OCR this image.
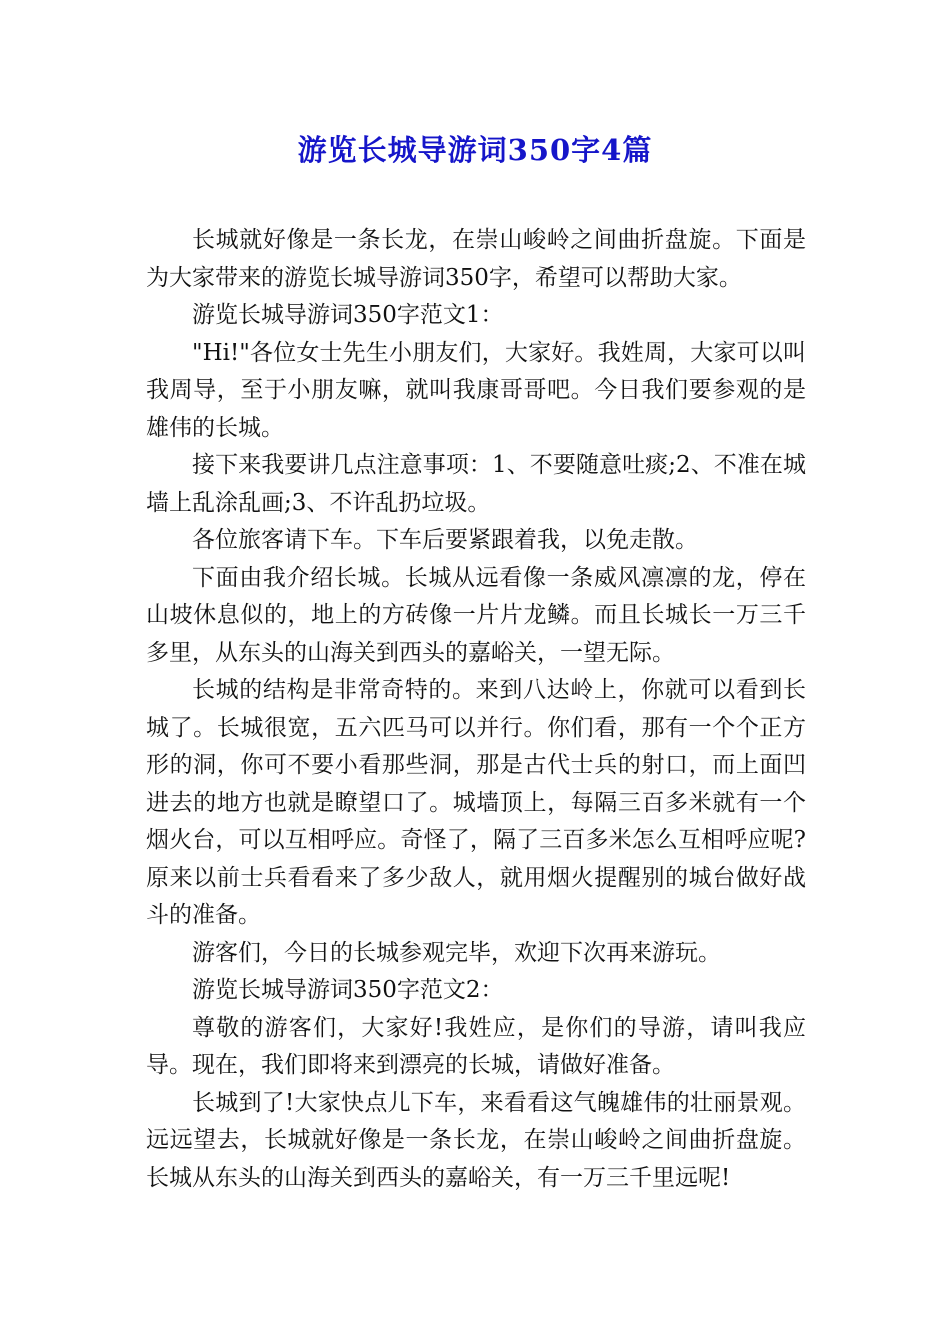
游览长城导游词350字4篇

长城就好像是一条长龙，在崇山峻岭之间曲折盘旋。下面是为大家带来的游览长城导游词350字，希望可以帮助大家。

游览长城导游词350字范文1：

"Hi!"各位女士先生小朋友们，大家好。我姓周，大家可以叫我周导，至于小朋友嘛，就叫我康哥哥吧。今日我们要参观的是雄伟的长城。

接下来我要讲几点注意事项：1、不要随意吐痰;2、不准在城墙上乱涂乱画;3、不许乱扔垃圾。

各位旅客请下车。下车后要紧跟着我，以免走散。

下面由我介绍长城。长城从远看像一条威风凛凛的龙，停在山坡休息似的，地上的方砖像一片片龙鳞。而且长城长一万三千多里，从东头的山海关到西头的嘉峪关，一望无际。

长城的结构是非常奇特的。来到八达岭上，你就可以看到长城了。长城很宽，五六匹马可以并行。你们看，那有一个个正方形的洞，你可不要小看那些洞，那是古代士兵的射口，而上面凹进去的地方也就是瞭望口了。城墙顶上，每隔三百多米就有一个烟火台，可以互相呼应。奇怪了，隔了三百多米怎么互相呼应呢?原来以前士兵看看来了多少敌人，就用烟火提醒别的城台做好战斗的准备。

游客们，今日的长城参观完毕，欢迎下次再来游玩。

游览长城导游词350字范文2：

尊敬的游客们，大家好!我姓应，是你们的导游，请叫我应导。现在，我们即将来到漂亮的长城，请做好准备。

长城到了!大家快点儿下车，来看看这气魄雄伟的壮丽景观。远远望去，长城就好像是一条长龙，在崇山峻岭之间曲折盘旋。长城从东头的山海关到西头的嘉峪关，有一万三千里远呢!
